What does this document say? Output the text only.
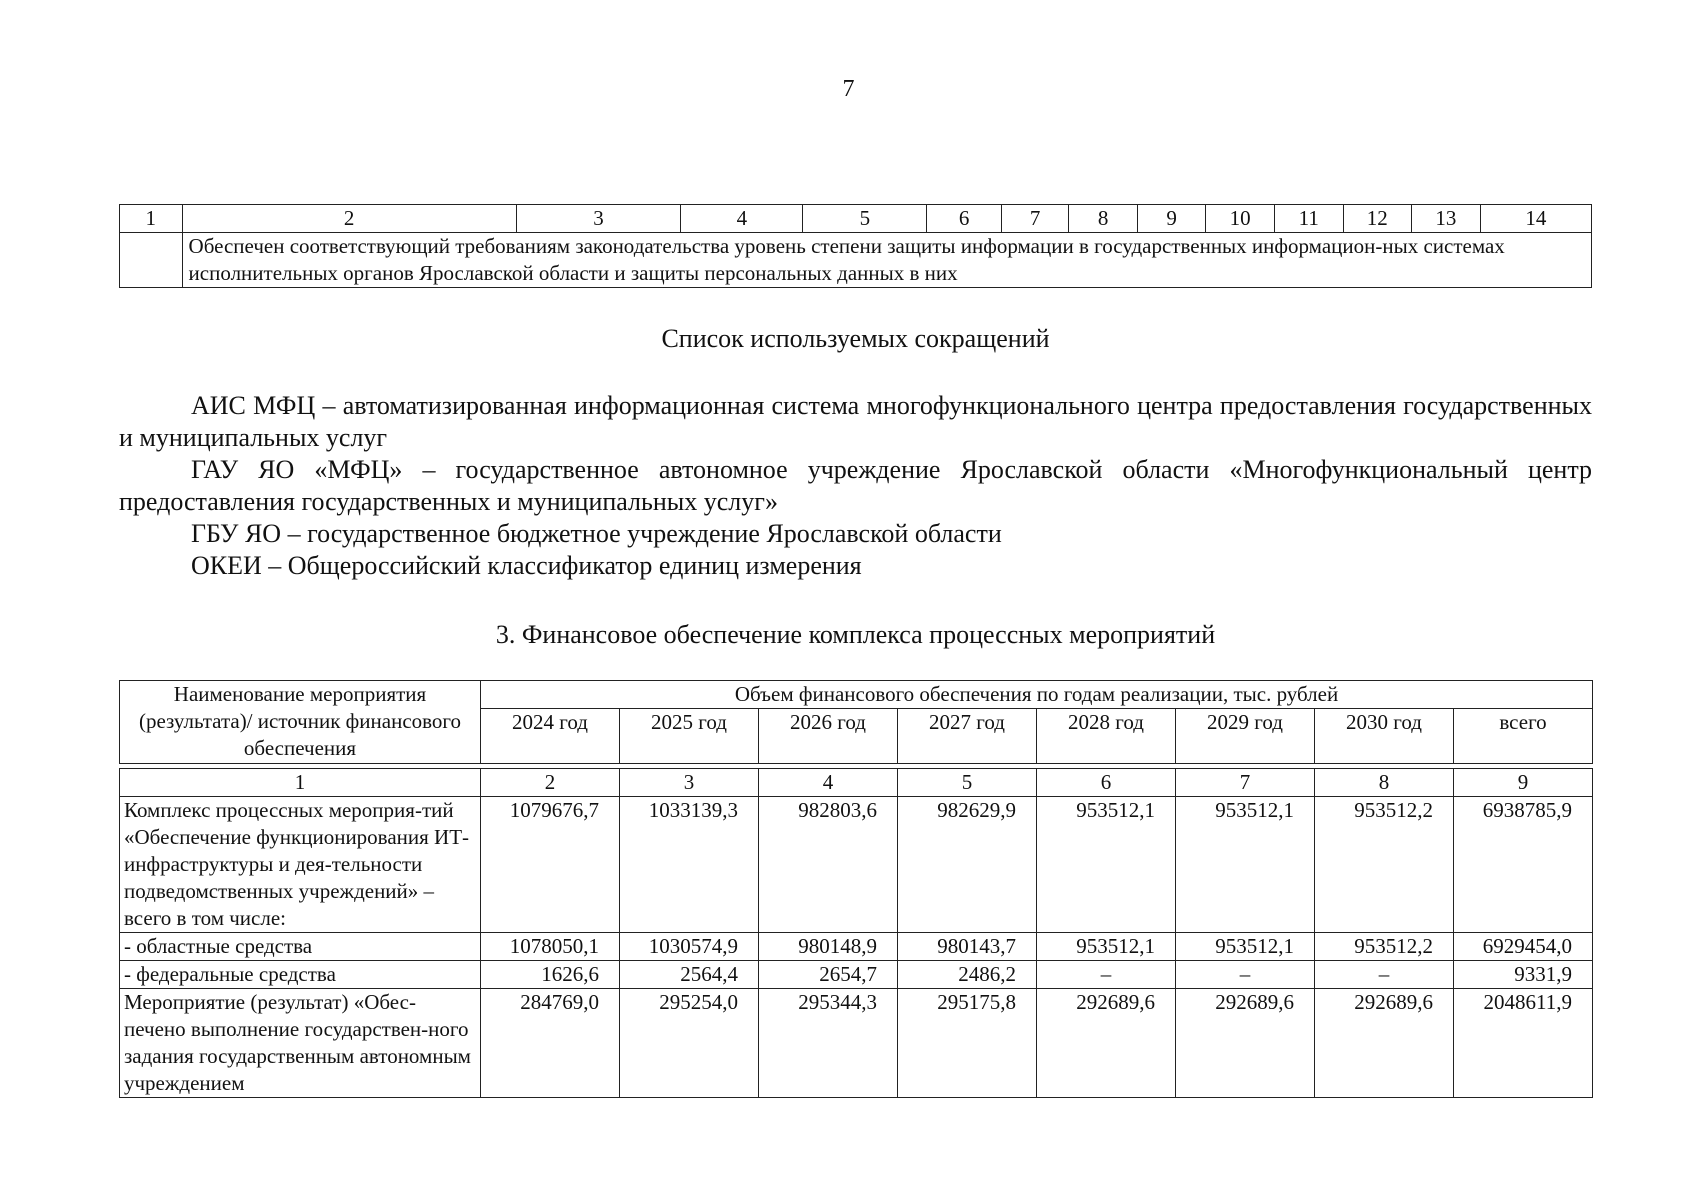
7
1	2	3	4	5	6	7	8	9	10	11	12	13	14
	Обеспечен соответствующий требованиям законодательства уровень степени защиты информации в государственных информацион-ных системах исполнительных органов Ярославской области и защиты персональных данных в них												
Список используемых сокращений

АИС МФЦ – автоматизированная информационная система многофункционального центра предоставления государственных и муниципальных услуг

ГАУ ЯО «МФЦ» – государственное автономное учреждение Ярославской области «Многофункциональный центр предоставления государственных и муниципальных услуг»

ГБУ ЯО – государственное бюджетное учреждение Ярославской области

ОКЕИ – Общероссийский классификатор единиц измерения

3. Финансовое обеспечение комплекса процессных мероприятий
Наименование мероприятия (результата)/ источник финансового обеспечения	Объем финансового обеспечения по годам реализации, тыс. рублей							
	2024 год	2025 год	2026 год	2027 год	2028 год	2029 год	2030 год	всего

1	2	3	4	5	6	7	8	9
Комплекс процессных мероприя-тий «Обеспечение функционирования ИТ-инфраструктуры и дея-тельности подведомственных учреждений» – всего в том числе:	1079676,7	1033139,3	982803,6	982629,9	953512,1	953512,1	953512,2	6938785,9
- областные средства	1078050,1	1030574,9	980148,9	980143,7	953512,1	953512,1	953512,2	6929454,0
- федеральные средства	1626,6	2564,4	2654,7	2486,2	–	–	–	9331,9
Мероприятие (результат) «Обес-печено выполнение государствен-ного задания государственным автономным учреждением	284769,0	295254,0	295344,3	295175,8	292689,6	292689,6	292689,6	2048611,9
